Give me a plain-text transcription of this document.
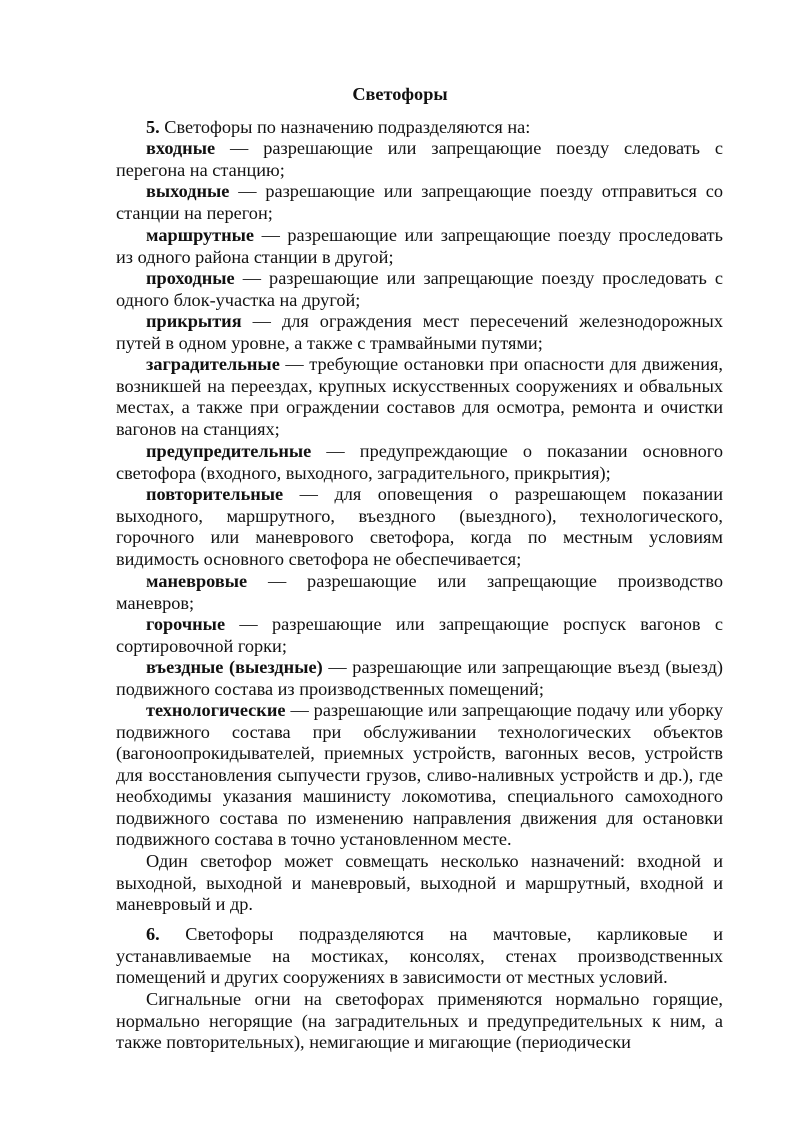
Светофоры

5. Светофоры по назначению подразделяются на:

входные — разрешающие или запрещающие поезду следовать с перегона на станцию;

выходные — разрешающие или запрещающие поезду отправиться со станции на перегон;

маршрутные — разрешающие или запрещающие поезду проследовать из одного района станции в другой;

проходные — разрешающие или запрещающие поезду проследовать с одного блок-участка на другой;

прикрытия — для ограждения мест пересечений железнодорожных путей в одном уровне, а также с трамвайными путями;

заградительные — требующие остановки при опасности для движения, возникшей на переездах, крупных искусственных сооружениях и обвальных местах, а также при ограждении составов для осмотра, ремонта и очистки вагонов на станциях;

предупредительные — предупреждающие о показании основного светофора (входного, выходного, заградительного, прикрытия);

повторительные — для оповещения о разрешающем показании выходного, маршрутного, въездного (выездного), технологического, горочного или маневрового светофора, когда по местным условиям видимость основного светофора не обеспечивается;

маневровые — разрешающие или запрещающие производство маневров;

горочные — разрешающие или запрещающие роспуск вагонов с сортировочной горки;

въездные (выездные) — разрешающие или запрещающие въезд (выезд) подвижного состава из производственных помещений;

технологические — разрешающие или запрещающие подачу или уборку подвижного состава при обслуживании технологических объектов (вагоноопрокидывателей, приемных устройств, вагонных весов, устройств для восстановления сыпучести грузов, сливо-наливных устройств и др.), где необходимы указания машинисту локомотива, специального самоходного подвижного состава по изменению направления движения для остановки подвижного состава в точно установленном месте.

Один светофор может совмещать несколько назначений: входной и выходной, выходной и маневровый, выходной и маршрутный, входной и маневровый и др.

6. Светофоры подразделяются на мачтовые, карликовые и устанавливаемые на мостиках, консолях, стенах производственных помещений и других сооружениях в зависимости от местных условий.

Сигнальные огни на светофорах применяются нормально горящие, нормально негорящие (на заградительных и предупредительных к ним, а также повторительных), немигающие и мигающие (периодически
